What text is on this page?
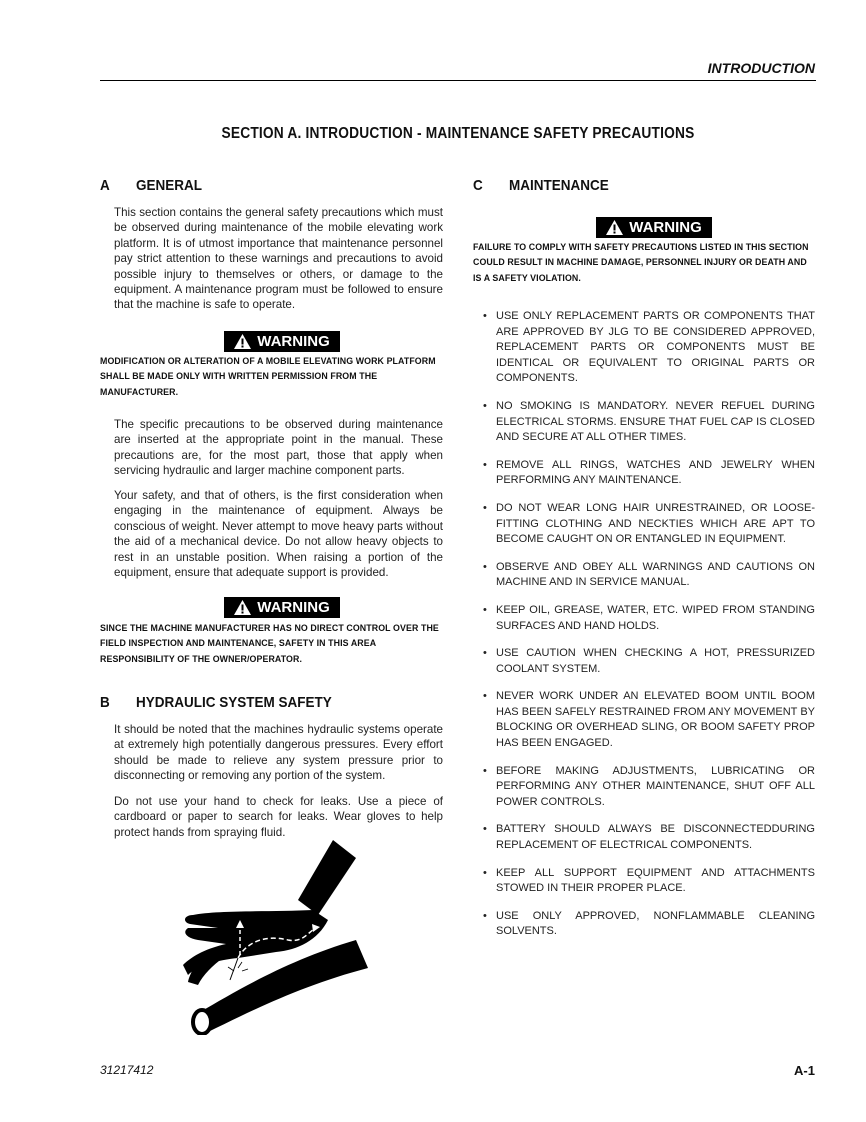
INTRODUCTION
SECTION A. INTRODUCTION - MAINTENANCE SAFETY PRECAUTIONS
A	GENERAL
This section contains the general safety precautions which must be observed during maintenance of the mobile elevating work platform. It is of utmost importance that maintenance personnel pay strict attention to these warnings and precautions to avoid possible injury to themselves or others, or damage to the equipment. A maintenance program must be followed to ensure that the machine is safe to operate.
WARNING
MODIFICATION OR ALTERATION OF A MOBILE ELEVATING WORK PLATFORM SHALL BE MADE ONLY WITH WRITTEN PERMISSION FROM THE MANUFACTURER.
The specific precautions to be observed during maintenance are inserted at the appropriate point in the manual. These precautions are, for the most part, those that apply when servicing hydraulic and larger machine component parts.
Your safety, and that of others, is the first consideration when engaging in the maintenance of equipment. Always be conscious of weight. Never attempt to move heavy parts without the aid of a mechanical device. Do not allow heavy objects to rest in an unstable position. When raising a portion of the equipment, ensure that adequate support is provided.
WARNING
SINCE THE MACHINE MANUFACTURER HAS NO DIRECT CONTROL OVER THE FIELD INSPECTION AND MAINTENANCE, SAFETY IN THIS AREA RESPONSIBILITY OF THE OWNER/OPERATOR.
B	HYDRAULIC SYSTEM SAFETY
It should be noted that the machines hydraulic systems operate at extremely high potentially dangerous pressures. Every effort should be made to relieve any system pressure prior to disconnecting or removing any portion of the system.
Do not use your hand to check for leaks. Use a piece of cardboard or paper to search for leaks. Wear gloves to help protect hands from spraying fluid.
C	MAINTENANCE
WARNING
FAILURE TO COMPLY WITH SAFETY PRECAUTIONS LISTED IN THIS SECTION COULD RESULT IN MACHINE DAMAGE, PERSONNEL INJURY OR DEATH AND IS A SAFETY VIOLATION.
• USE ONLY REPLACEMENT PARTS OR COMPONENTS THAT ARE APPROVED BY JLG TO BE CONSIDERED APPROVED, REPLACEMENT PARTS OR COMPONENTS MUST BE IDENTICAL OR EQUIVALENT TO ORIGINAL PARTS OR COMPONENTS.
• NO SMOKING IS MANDATORY. NEVER REFUEL DURING ELECTRICAL STORMS. ENSURE THAT FUEL CAP IS CLOSED AND SECURE AT ALL OTHER TIMES.
• REMOVE ALL RINGS, WATCHES AND JEWELRY WHEN PERFORMING ANY MAINTENANCE.
• DO NOT WEAR LONG HAIR UNRESTRAINED, OR LOOSE-FITTING CLOTHING AND NECKTIES WHICH ARE APT TO BECOME CAUGHT ON OR ENTANGLED IN EQUIPMENT.
• OBSERVE AND OBEY ALL WARNINGS AND CAUTIONS ON MACHINE AND IN SERVICE MANUAL.
• KEEP OIL, GREASE, WATER, ETC. WIPED FROM STANDING SURFACES AND HAND HOLDS.
• USE CAUTION WHEN CHECKING A HOT, PRESSURIZED COOLANT SYSTEM.
• NEVER WORK UNDER AN ELEVATED BOOM UNTIL BOOM HAS BEEN SAFELY RESTRAINED FROM ANY MOVEMENT BY BLOCKING OR OVERHEAD SLING, OR BOOM SAFETY PROP HAS BEEN ENGAGED.
• BEFORE MAKING ADJUSTMENTS, LUBRICATING OR PERFORMING ANY OTHER MAINTENANCE, SHUT OFF ALL POWER CONTROLS.
• BATTERY SHOULD ALWAYS BE DISCONNECTEDDURING REPLACEMENT OF ELECTRICAL COMPONENTS.
• KEEP ALL SUPPORT EQUIPMENT AND ATTACHMENTS STOWED IN THEIR PROPER PLACE.
• USE ONLY APPROVED, NONFLAMMABLE CLEANING SOLVENTS.
31217412	A-1
